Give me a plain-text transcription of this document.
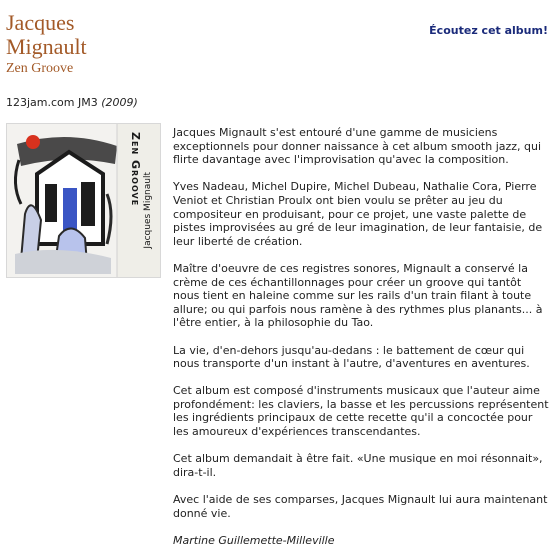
Jacques Mignault
Zen Groove
Écoutez cet album!
123jam.com JM3 (2009)
Zen Groove
Jacques Mignault

Jacques Mignault s'est entouré d'une gamme de musiciens exceptionnels pour donner naissance à cet album smooth jazz, qui flirte davantage avec l'improvisation qu'avec la composition.

Yves Nadeau, Michel Dupire, Michel Dubeau, Nathalie Cora, Pierre Veniot et Christian Proulx ont bien voulu se prêter au jeu du compositeur en produisant, pour ce projet, une vaste palette de pistes improvisées au gré de leur imagination, de leur fantaisie, de leur liberté de création.

Maître d'oeuvre de ces registres sonores, Mignault a conservé la crème de ces échantillonnages pour créer un groove qui tantôt nous tient en haleine comme sur les rails d'un train filant à toute allure; ou qui parfois nous ramène à des rythmes plus planants... à l'être entier, à la philosophie du Tao.

La vie, d'en-dehors jusqu'au-dedans : le battement de cœur qui nous transporte d'un instant à l'autre, d'aventures en aventures.

Cet album est composé d'instruments musicaux que l'auteur aime profondément: les claviers, la basse et les percussions représentent les ingrédients principaux de cette recette qu'il a concoctée pour les amoureux d'expériences transcendantes.

Cet album demandait à être fait. «Une musique en moi résonnait», dira-t-il.

Avec l'aide de ses comparses, Jacques Mignault lui aura maintenant donné vie.

Martine Guillemette-Milleville
